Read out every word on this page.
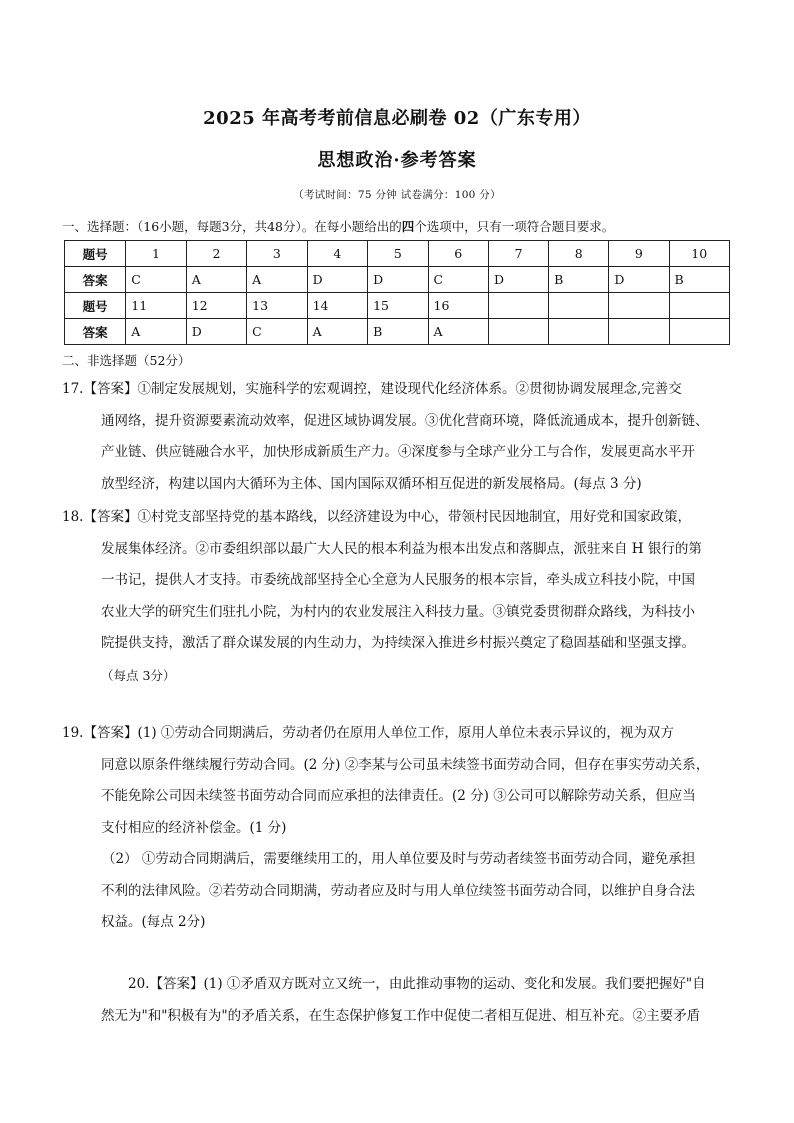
2025 年高考考前信息必刷卷 02（广东专用）
思想政治·参考答案
（考试时间：75 分钟 试卷满分：100 分）
一、选择题：（16小题，每题3分，共48分）。在每小题给出的四个选项中，只有一项符合题目要求。
题号	1	2	3	4	5	6	7	8	9	10
答案	C	A	A	D	D	C	D	B	D	B
题号	11	12	13	14	15	16				
答案	A	D	C	A	B	A				
二、非选择题（52分）
17.【答案】①制定发展规划，实施科学的宏观调控，建设现代化经济体系。②贯彻协调发展理念,完善交
通网络，提升资源要素流动效率，促进区域协调发展。③优化营商环境，降低流通成本，提升创新链、
产业链、供应链融合水平，加快形成新质生产力。④深度参与全球产业分工与合作，发展更高水平开
放型经济，构建以国内大循环为主体、国内国际双循环相互促进的新发展格局。(每点 3 分)
18.【答案】①村党支部坚持党的基本路线，以经济建设为中心，带领村民因地制宜，用好党和国家政策，
发展集体经济。②市委组织部以最广大人民的根本利益为根本出发点和落脚点，派驻来自 H 银行的第
一书记，提供人才支持。市委统战部坚持全心全意为人民服务的根本宗旨，牵头成立科技小院，中国
农业大学的研究生们驻扎小院，为村内的农业发展注入科技力量。③镇党委贯彻群众路线，为科技小
院提供支持，激活了群众谋发展的内生动力，为持续深入推进乡村振兴奠定了稳固基础和坚强支撑。
（每点 3分）
19.【答案】(1) ①劳动合同期满后，劳动者仍在原用人单位工作，原用人单位未表示异议的，视为双方
同意以原条件继续履行劳动合同。(2 分) ②李某与公司虽未续签书面劳动合同，但存在事实劳动关系，
不能免除公司因未续签书面劳动合同而应承担的法律责任。(2 分) ③公司可以解除劳动关系，但应当
支付相应的经济补偿金。(1 分)
（2） ①劳动合同期满后，需要继续用工的，用人单位要及时与劳动者续签书面劳动合同，避免承担
不利的法律风险。②若劳动合同期满，劳动者应及时与用人单位续签书面劳动合同，以维护自身合法
权益。(每点 2分)
20.【答案】(1) ①矛盾双方既对立又统一，由此推动事物的运动、变化和发展。我们要把握好"自
然无为"和"积极有为"的矛盾关系，在生态保护修复工作中促使二者相互促进、相互补充。②主要矛盾
